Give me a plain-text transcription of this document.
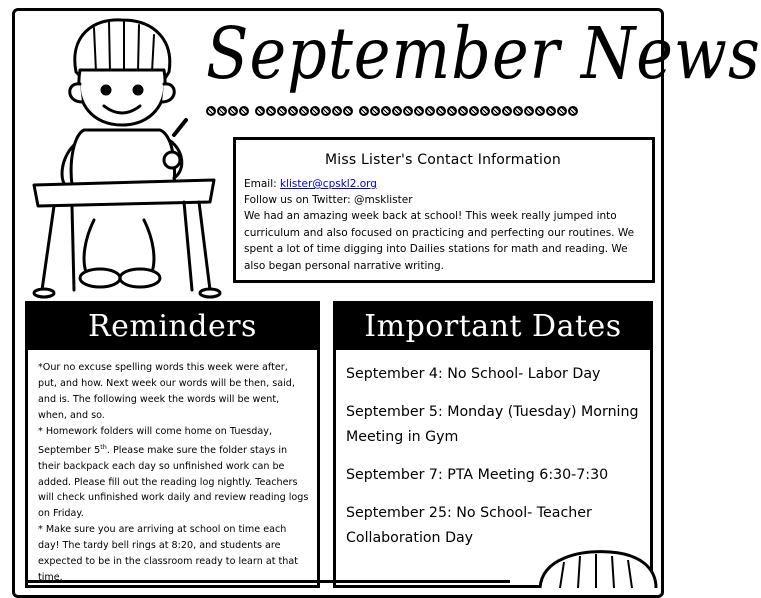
September News
Miss Lister's Contact Information
Email: klister@cpskl2.org
Follow us on Twitter: @msklister
We had an amazing week back at school! This week really jumped into curriculum and also focused on practicing and perfecting our routines. We spent a lot of time digging into Dailies stations for math and reading. We also began personal narrative writing.
Reminders
*Our no excuse spelling words this week were after, put, and how. Next week our words will be then, said, and is. The following week the words will be went, when, and so.
* Homework folders will come home on Tuesday, September 5th. Please make sure the folder stays in their backpack each day so unfinished work can be added. Please fill out the reading log nightly. Teachers will check unfinished work daily and review reading logs on Friday.
* Make sure you are arriving at school on time each day! The tardy bell rings at 8:20, and students are expected to be in the classroom ready to learn at that time.
Important Dates
September 4: No School- Labor Day
September 5: Monday (Tuesday) Morning Meeting in Gym
September 7: PTA Meeting 6:30-7:30
September 25: No School- Teacher Collaboration Day
